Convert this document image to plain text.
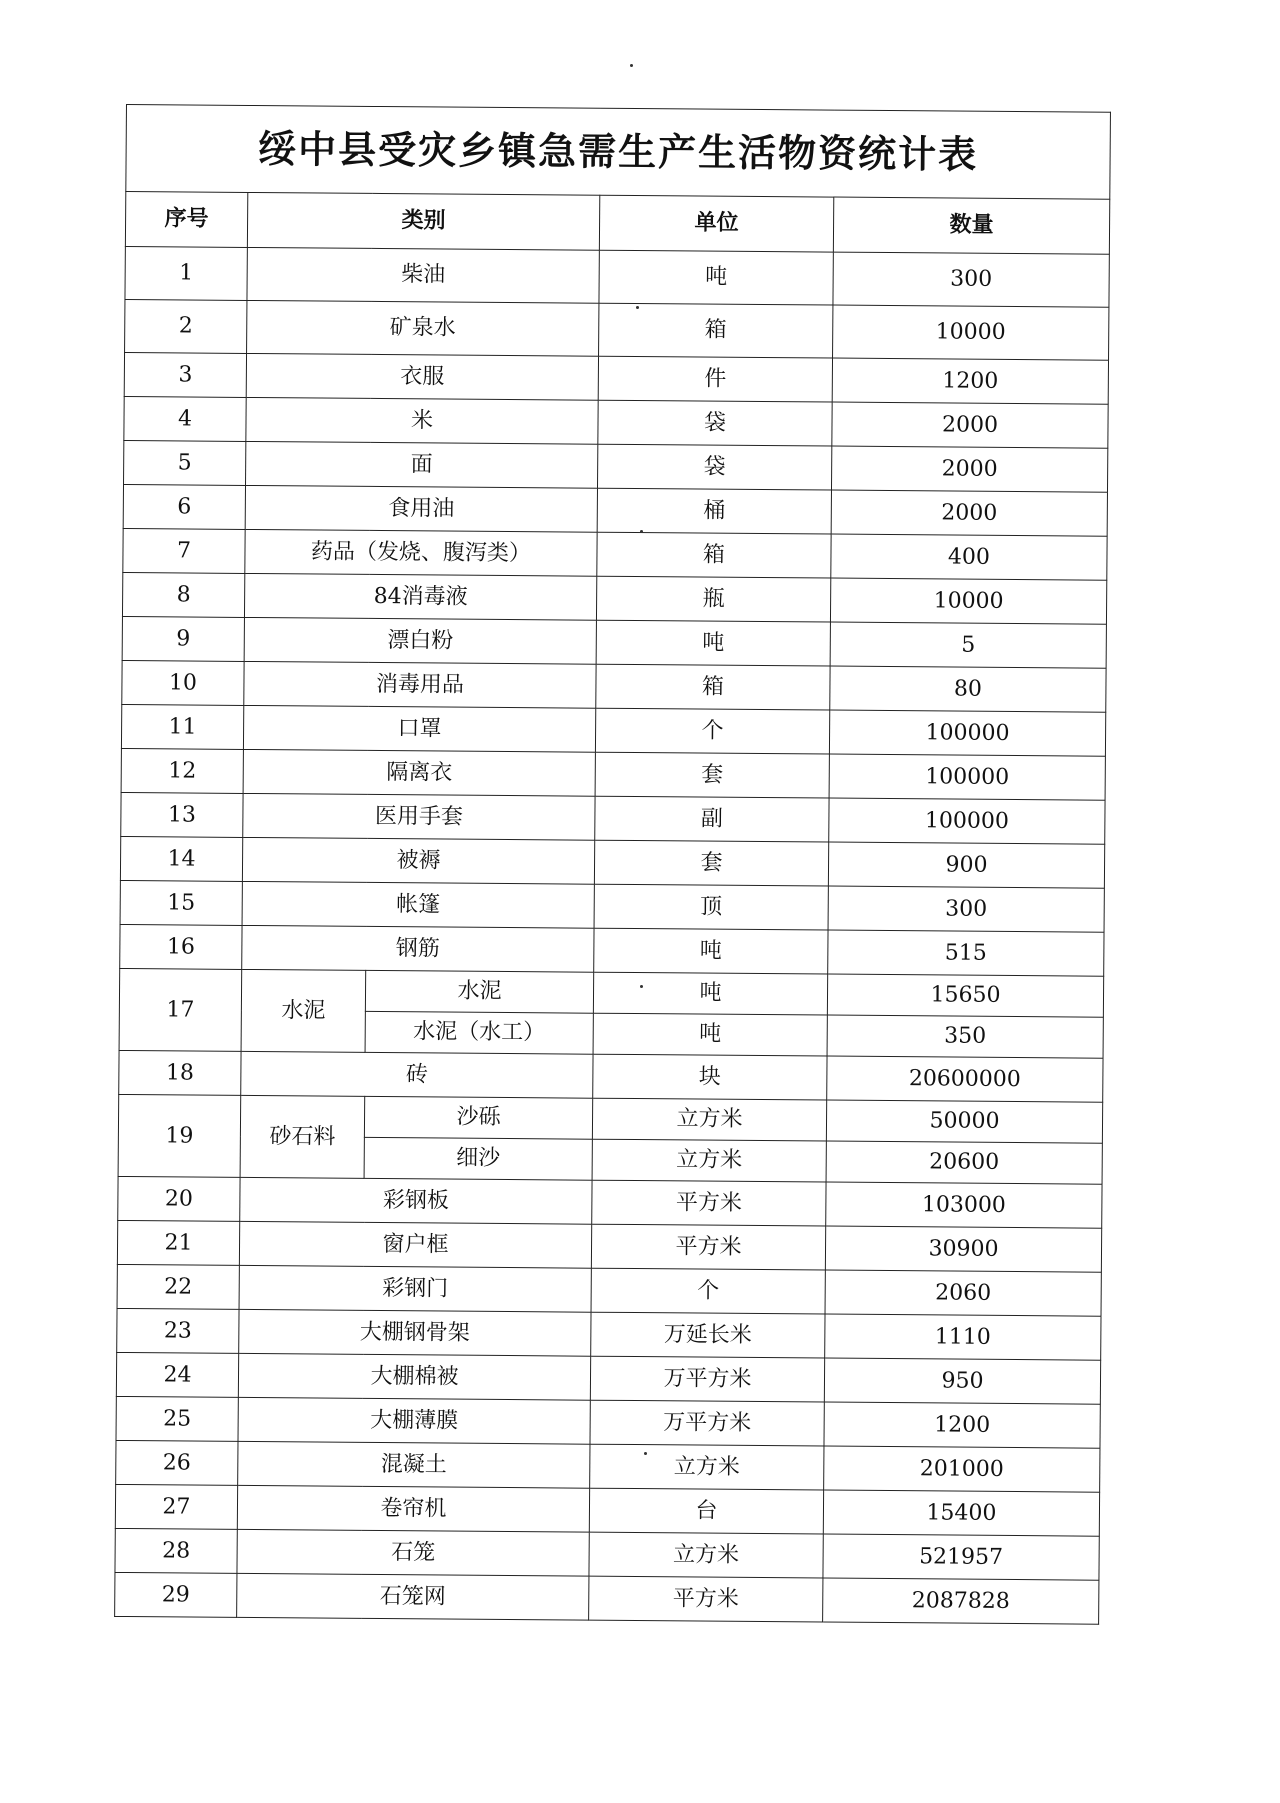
绥中县受灾乡镇急需生产生活物资统计表				
序号	类别		单位	数量
1	柴油		吨	300
2	矿泉水		箱	10000
3	衣服		件	1200
4	米		袋	2000
5	面		袋	2000
6	食用油		桶	2000
7	药品（发烧、腹泻类）		箱	400
8	84消毒液		瓶	10000
9	漂白粉		吨	5
10	消毒用品		箱	80
11	口罩		个	100000
12	隔离衣		套	100000
13	医用手套		副	100000
14	被褥		套	900
15	帐篷		顶	300
16	钢筋		吨	515
17	水泥	水泥	吨	15650
		水泥（水工）	吨	350
18	砖		块	20600000
19	砂石料	沙砾	立方米	50000
		细沙	立方米	20600
20	彩钢板		平方米	103000
21	窗户框		平方米	30900
22	彩钢门		个	2060
23	大棚钢骨架		万延长米	1110
24	大棚棉被		万平方米	950
25	大棚薄膜		万平方米	1200
26	混凝土		立方米	201000
27	卷帘机		台	15400
28	石笼		立方米	521957
29	石笼网		平方米	2087828
